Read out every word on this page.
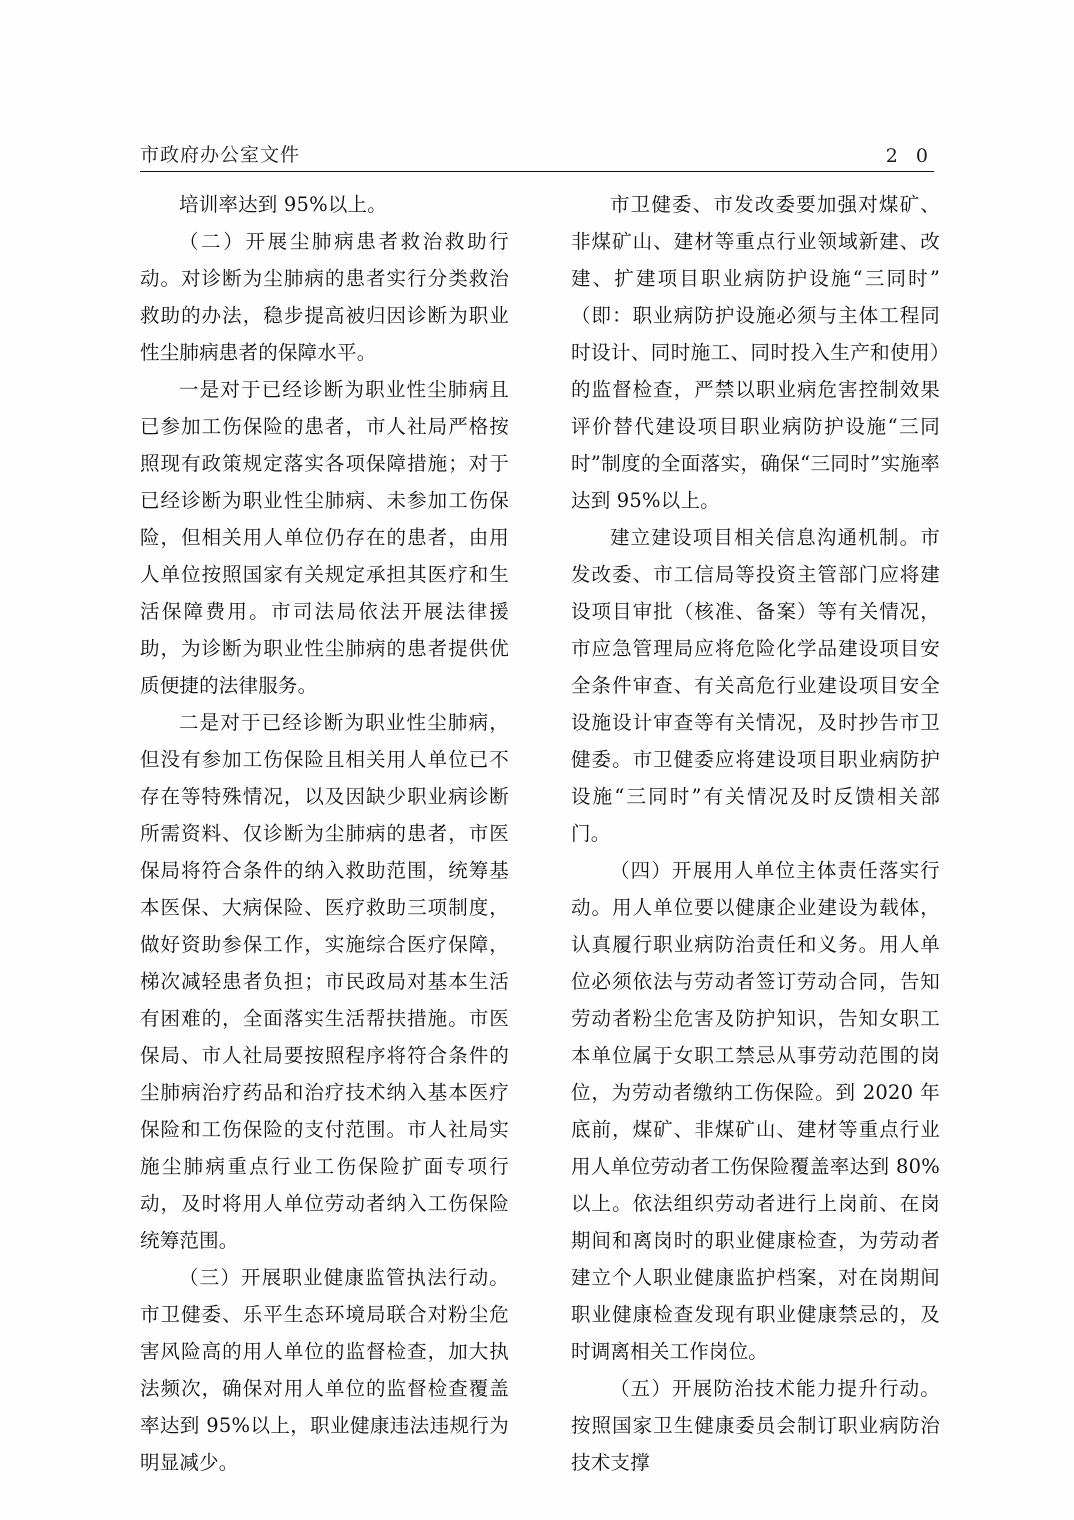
市政府办公室文件	2 0

培训率达到 95%以上。

（二）开展尘肺病患者救治救助行动。对诊断为尘肺病的患者实行分类救治救助的办法，稳步提高被归因诊断为职业性尘肺病患者的保障水平。

一是对于已经诊断为职业性尘肺病且已参加工伤保险的患者，市人社局严格按照现有政策规定落实各项保障措施；对于已经诊断为职业性尘肺病、未参加工伤保险，但相关用人单位仍存在的患者，由用人单位按照国家有关规定承担其医疗和生活保障费用。市司法局依法开展法律援助，为诊断为职业性尘肺病的患者提供优质便捷的法律服务。

二是对于已经诊断为职业性尘肺病，但没有参加工伤保险且相关用人单位已不存在等特殊情况，以及因缺少职业病诊断所需资料、仅诊断为尘肺病的患者，市医保局将符合条件的纳入救助范围，统筹基本医保、大病保险、医疗救助三项制度，做好资助参保工作，实施综合医疗保障，梯次减轻患者负担；市民政局对基本生活有困难的，全面落实生活帮扶措施。市医保局、市人社局要按照程序将符合条件的尘肺病治疗药品和治疗技术纳入基本医疗保险和工伤保险的支付范围。市人社局实施尘肺病重点行业工伤保险扩面专项行动，及时将用人单位劳动者纳入工伤保险统筹范围。

（三）开展职业健康监管执法行动。市卫健委、乐平生态环境局联合对粉尘危害风险高的用人单位的监督检查，加大执法频次，确保对用人单位的监督检查覆盖率达到 95%以上，职业健康违法违规行为明显减少。

市卫健委、市发改委要加强对煤矿、非煤矿山、建材等重点行业领域新建、改建、扩建项目职业病防护设施“三同时”（即：职业病防护设施必须与主体工程同时设计、同时施工、同时投入生产和使用）的监督检查，严禁以职业病危害控制效果评价替代建设项目职业病防护设施“三同时”制度的全面落实，确保“三同时”实施率达到 95%以上。

建立建设项目相关信息沟通机制。市发改委、市工信局等投资主管部门应将建设项目审批（核准、备案）等有关情况，市应急管理局应将危险化学品建设项目安全条件审查、有关高危行业建设项目安全设施设计审查等有关情况，及时抄告市卫健委。市卫健委应将建设项目职业病防护设施“三同时”有关情况及时反馈相关部门。

（四）开展用人单位主体责任落实行动。用人单位要以健康企业建设为载体，认真履行职业病防治责任和义务。用人单位必须依法与劳动者签订劳动合同，告知劳动者粉尘危害及防护知识，告知女职工本单位属于女职工禁忌从事劳动范围的岗位，为劳动者缴纳工伤保险。到 2020 年底前，煤矿、非煤矿山、建材等重点行业用人单位劳动者工伤保险覆盖率达到 80%以上。依法组织劳动者进行上岗前、在岗期间和离岗时的职业健康检查，为劳动者建立个人职业健康监护档案，对在岗期间职业健康检查发现有职业健康禁忌的，及时调离相关工作岗位。

（五）开展防治技术能力提升行动。按照国家卫生健康委员会制订职业病防治技术支撑
